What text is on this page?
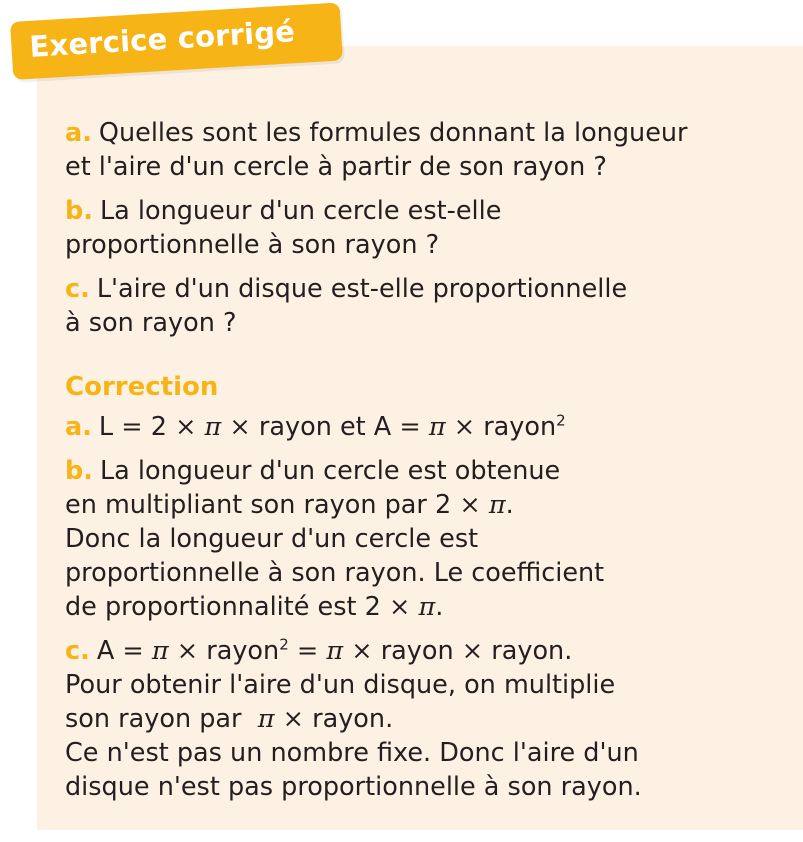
Exercice corrigé

a. Quelles sont les formules donnant la longueur
et l'aire d'un cercle à partir de son rayon ?

b. La longueur d'un cercle est-elle
proportionnelle à son rayon ?

c. L'aire d'un disque est-elle proportionnelle
à son rayon ?

Correction

a. L = 2 × π × rayon et A = π × rayon$^2$

b. La longueur d'un cercle est obtenue
en multipliant son rayon par 2 × π.
Donc la longueur d'un cercle est
proportionnelle à son rayon. Le coefficient
de proportionnalité est 2 × π.

c. A = π × rayon$^2$ = π × rayon × rayon.
Pour obtenir l'aire d'un disque, on multiplie
son rayon par π × rayon.
Ce n'est pas un nombre fixe. Donc l'aire d'un
disque n'est pas proportionnelle à son rayon.
